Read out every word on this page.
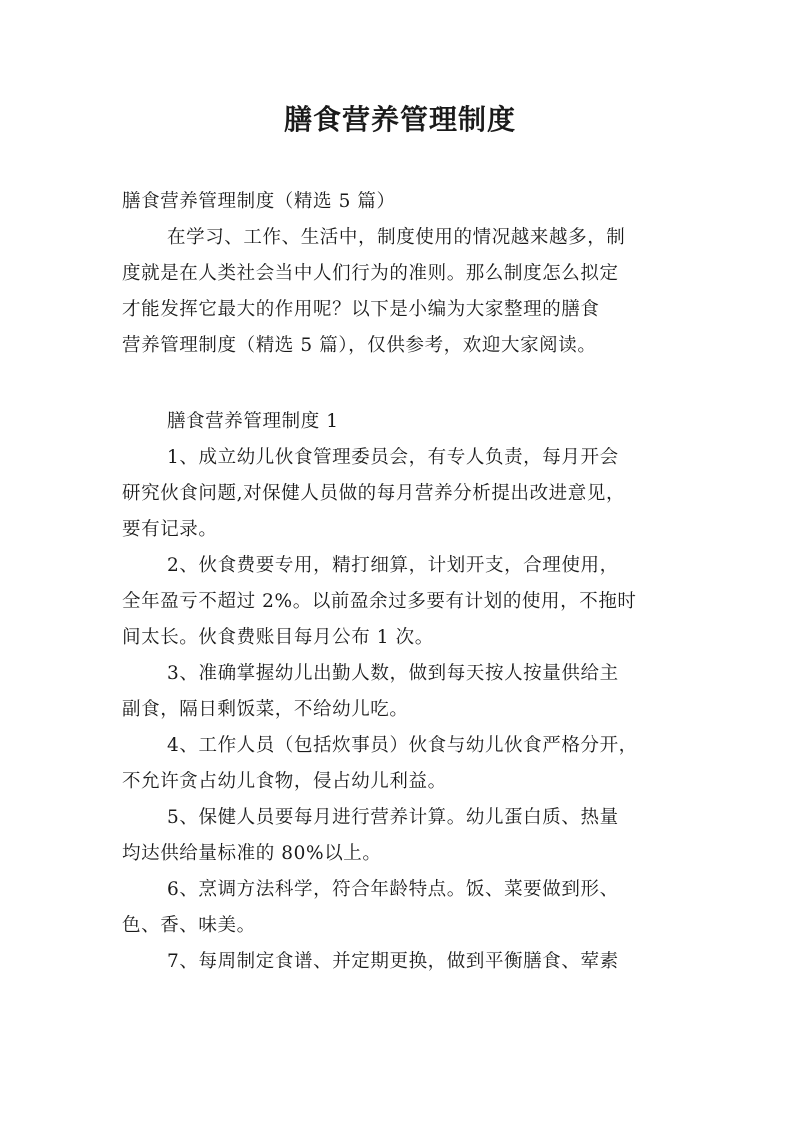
膳食营养管理制度

膳食营养管理制度（精选 5 篇）

在学习、工作、生活中，制度使用的情况越来越多，制
度就是在人类社会当中人们行为的准则。那么制度怎么拟定
才能发挥它最大的作用呢？以下是小编为大家整理的膳食
营养管理制度（精选 5 篇），仅供参考，欢迎大家阅读。

膳食营养管理制度 1

1、成立幼儿伙食管理委员会，有专人负责，每月开会
研究伙食问题,对保健人员做的每月营养分析提出改进意见，
要有记录。

2、伙食费要专用，精打细算，计划开支，合理使用，
全年盈亏不超过 2%。以前盈余过多要有计划的使用，不拖时
间太长。伙食费账目每月公布 1 次。

3、准确掌握幼儿出勤人数，做到每天按人按量供给主
副食，隔日剩饭菜，不给幼儿吃。

4、工作人员（包括炊事员）伙食与幼儿伙食严格分开，
不允许贪占幼儿食物，侵占幼儿利益。

5、保健人员要每月进行营养计算。幼儿蛋白质、热量
均达供给量标准的 80%以上。

6、烹调方法科学，符合年龄特点。饭、菜要做到形、
色、香、味美。

7、每周制定食谱、并定期更换，做到平衡膳食、荤素
